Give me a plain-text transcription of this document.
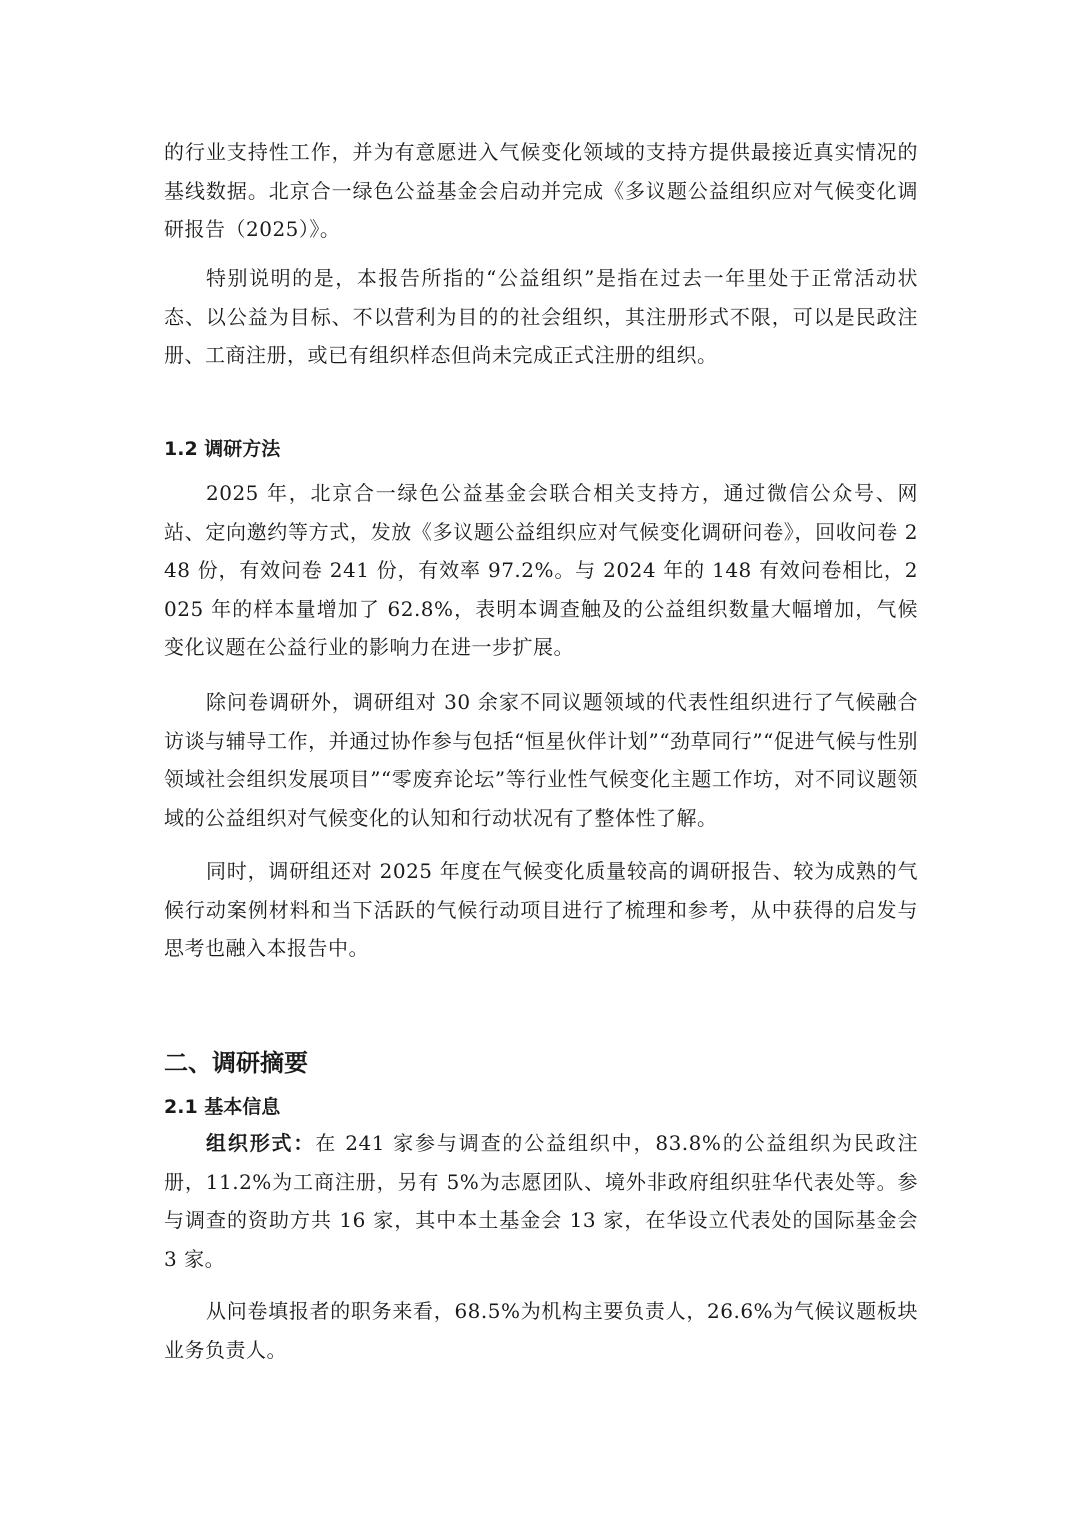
的行业支持性工作，并为有意愿进入气候变化领域的支持方提供最接近真实情况的基线数据。北京合一绿色公益基金会启动并完成《多议题公益组织应对气候变化调研报告（2025）》。

特别说明的是，本报告所指的“公益组织”是指在过去一年里处于正常活动状态、以公益为目标、不以营利为目的的社会组织，其注册形式不限，可以是民政注册、工商注册，或已有组织样态但尚未完成正式注册的组织。

1.2 调研方法

2025 年，北京合一绿色公益基金会联合相关支持方，通过微信公众号、网站、定向邀约等方式，发放《多议题公益组织应对气候变化调研问卷》，回收问卷 248 份，有效问卷 241 份，有效率 97.2%。与 2024 年的 148 有效问卷相比，2025 年的样本量增加了 62.8%，表明本调查触及的公益组织数量大幅增加，气候变化议题在公益行业的影响力在进一步扩展。

除问卷调研外，调研组对 30 余家不同议题领域的代表性组织进行了气候融合访谈与辅导工作，并通过协作参与包括“恒星伙伴计划”“劲草同行”“促进气候与性别领域社会组织发展项目”“零废弃论坛”等行业性气候变化主题工作坊，对不同议题领域的公益组织对气候变化的认知和行动状况有了整体性了解。

同时，调研组还对 2025 年度在气候变化质量较高的调研报告、较为成熟的气候行动案例材料和当下活跃的气候行动项目进行了梳理和参考，从中获得的启发与思考也融入本报告中。

二、调研摘要
2.1 基本信息

组织形式：在 241 家参与调查的公益组织中，83.8%的公益组织为民政注册，11.2%为工商注册，另有 5%为志愿团队、境外非政府组织驻华代表处等。参与调查的资助方共 16 家，其中本土基金会 13 家，在华设立代表处的国际基金会 3 家。

从问卷填报者的职务来看，68.5%为机构主要负责人，26.6%为气候议题板块业务负责人。
